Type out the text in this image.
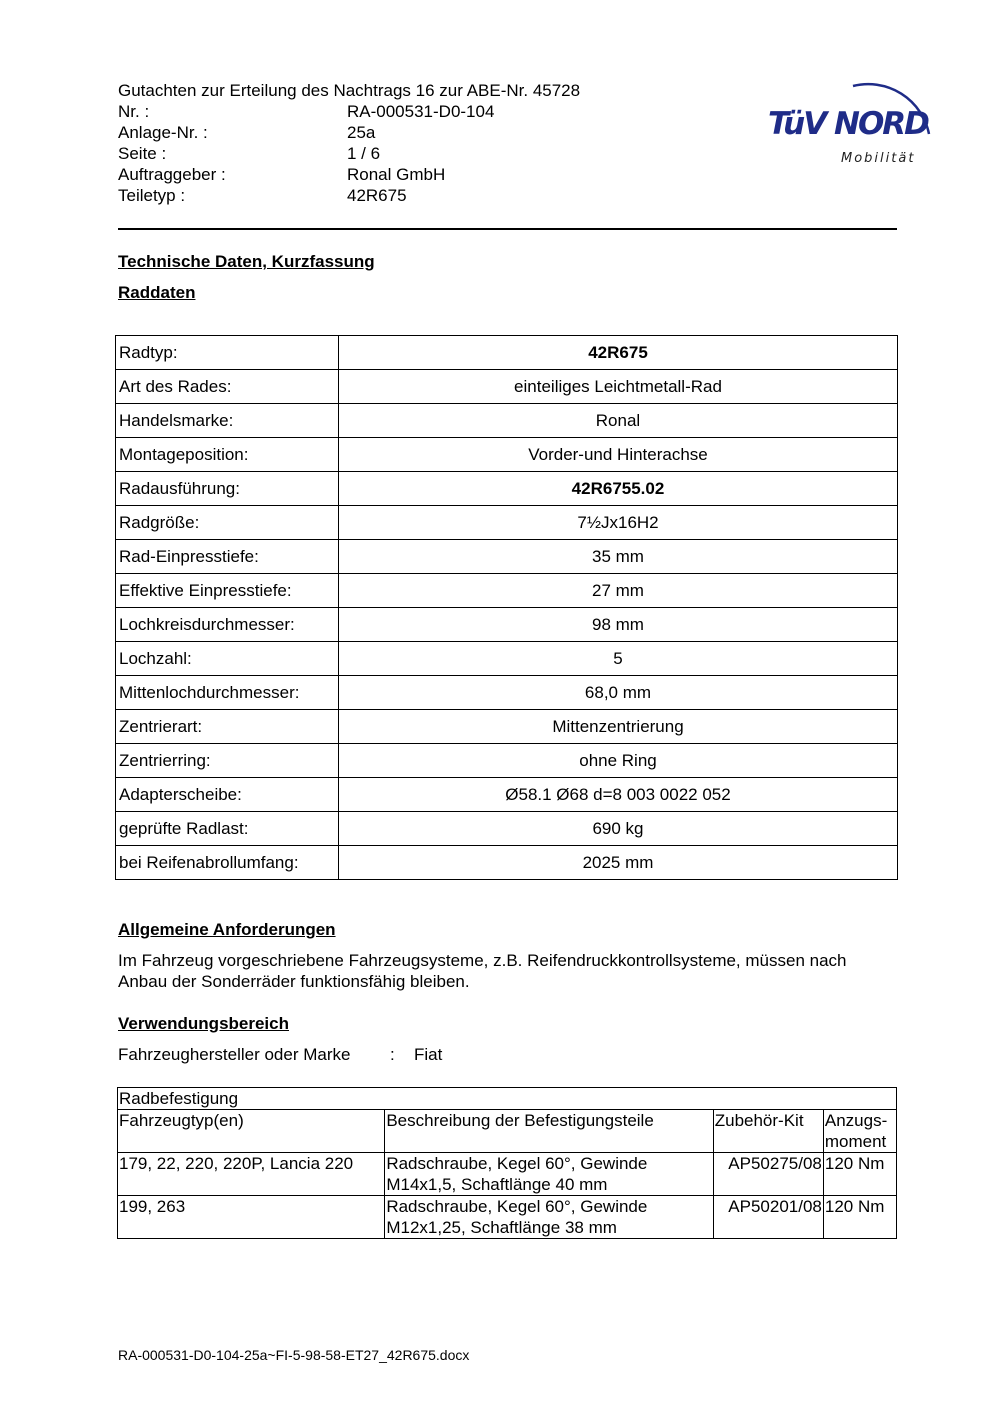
Gutachten zur Erteilung des Nachtrags 16 zur ABE-Nr. 45728
Nr. :	RA-000531-D0-104
Anlage-Nr. :	25a
Seite :	1 / 6
Auftraggeber :	Ronal GmbH
Teiletyp :	42R675
TüV NORD
Mobilität
Technische Daten, Kurzfassung
Raddaten
Radtyp:	42R675
Art des Rades:	einteiliges Leichtmetall-Rad
Handelsmarke:	Ronal
Montageposition:	Vorder-und Hinterachse
Radausführung:	42R6755.02
Radgröße:	7½Jx16H2
Rad-Einpresstiefe:	35 mm
Effektive Einpresstiefe:	27 mm
Lochkreisdurchmesser:	98 mm
Lochzahl:	5
Mittenlochdurchmesser:	68,0 mm
Zentrierart:	Mittenzentrierung
Zentrierring:	ohne Ring
Adapterscheibe:	Ø58.1 Ø68 d=8 003 0022 052
geprüfte Radlast:	690 kg
bei Reifenabrollumfang:	2025 mm
Allgemeine Anforderungen
Im Fahrzeug vorgeschriebene Fahrzeugsysteme, z.B. Reifendruckkontrollsysteme, müssen nach Anbau der Sonderräder funktionsfähig bleiben.
Verwendungsbereich
Fahrzeughersteller oder Marke : Fiat
Radbefestigung			
Fahrzeugtyp(en)	Beschreibung der Befestigungsteile	Zubehör-Kit	Anzugs-
moment
179, 22, 220, 220P, Lancia 220	Radschraube, Kegel 60°, Gewinde
M14x1,5, Schaftlänge 40 mm	AP50275/08	120 Nm
199, 263	Radschraube, Kegel 60°, Gewinde
M12x1,25, Schaftlänge 38 mm	AP50201/08	120 Nm
RA-000531-D0-104-25a~FI-5-98-58-ET27_42R675.docx
